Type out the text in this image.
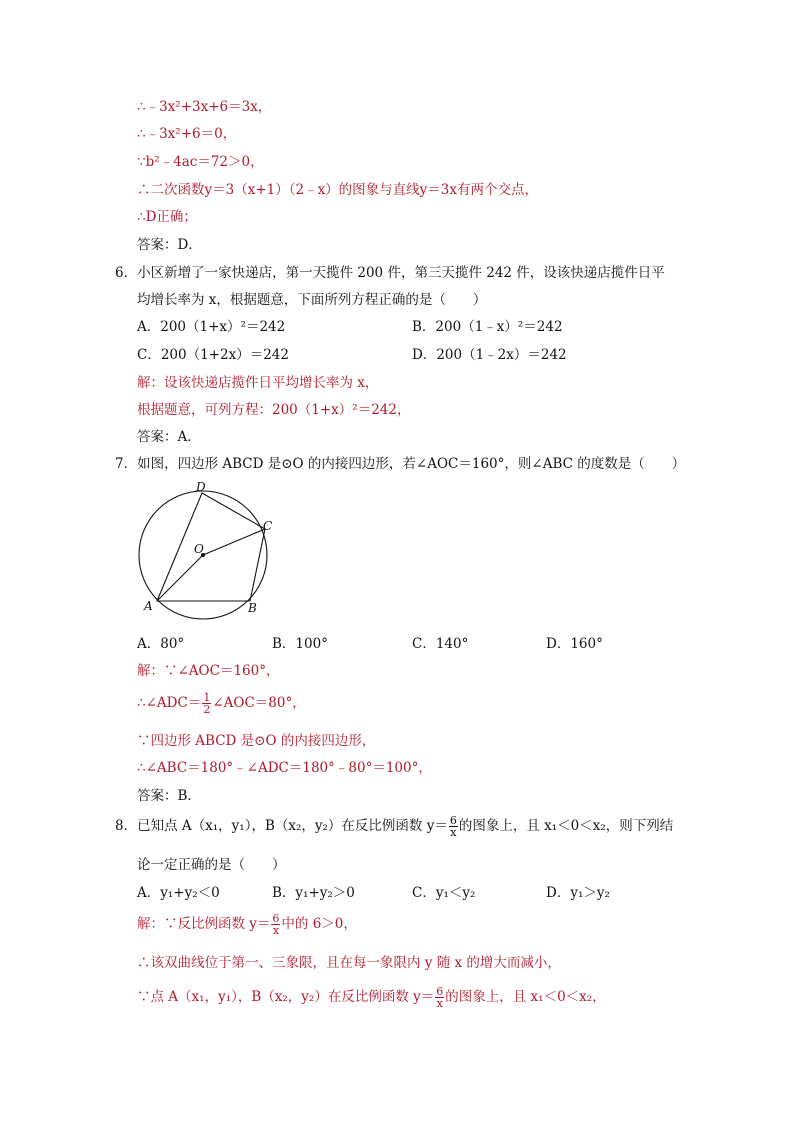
∴﹣3x²+3x+6＝3x，
∴﹣3x²+6＝0，
∵b²﹣4ac＝72＞0，
∴二次函数y＝3（x+1）（2﹣x）的图象与直线y＝3x有两个交点，
∴D正确；
答案：D．
6．小区新增了一家快递店，第一天揽件 200 件，第三天揽件 242 件，设该快递店揽件日平
均增长率为 x，根据题意，下面所列方程正确的是（　　）
A．200（1+x）²＝242	B．200（1﹣x）²＝242
C．200（1+2x）＝242	D．200（1﹣2x）＝242
解：设该快递店揽件日平均增长率为 x，
根据题意，可列方程：200（1+x）²＝242，
答案：A．
7．如图，四边形 ABCD 是⊙O 的内接四边形，若∠AOC＝160°，则∠ABC 的度数是（　　）
D
C
O
A	B
A．80°	B．100°	C．140°	D．160°
解：∵∠AOC＝160°，
∴∠ADC＝ $\frac{1}{2}$ ∠AOC＝80°，
∵四边形 ABCD 是⊙O 的内接四边形，
∴∠ABC＝180°﹣∠ADC＝180°﹣80°＝100°，
答案：B．
8．已知点 A（x₁，y₁），B（x₂，y₂）在反比例函数 $y= \frac{6}{x}$ 的图象上，且 x₁＜0＜x₂，则下列结
论一定正确的是（　　）
A．y₁+y₂＜0	B．y₁+y₂＞0	C．y₁＜y₂	D．y₁＞y₂
解：∵反比例函数 $y= \frac{6}{x}$ 中的 6＞0，
∴该双曲线位于第一、三象限，且在每一象限内 y 随 x 的增大而减小，
∵点 A（x₁，y₁），B（x₂，y₂）在反比例函数 $y= \frac{6}{x}$ 的图象上，且 x₁＜0＜x₂，
